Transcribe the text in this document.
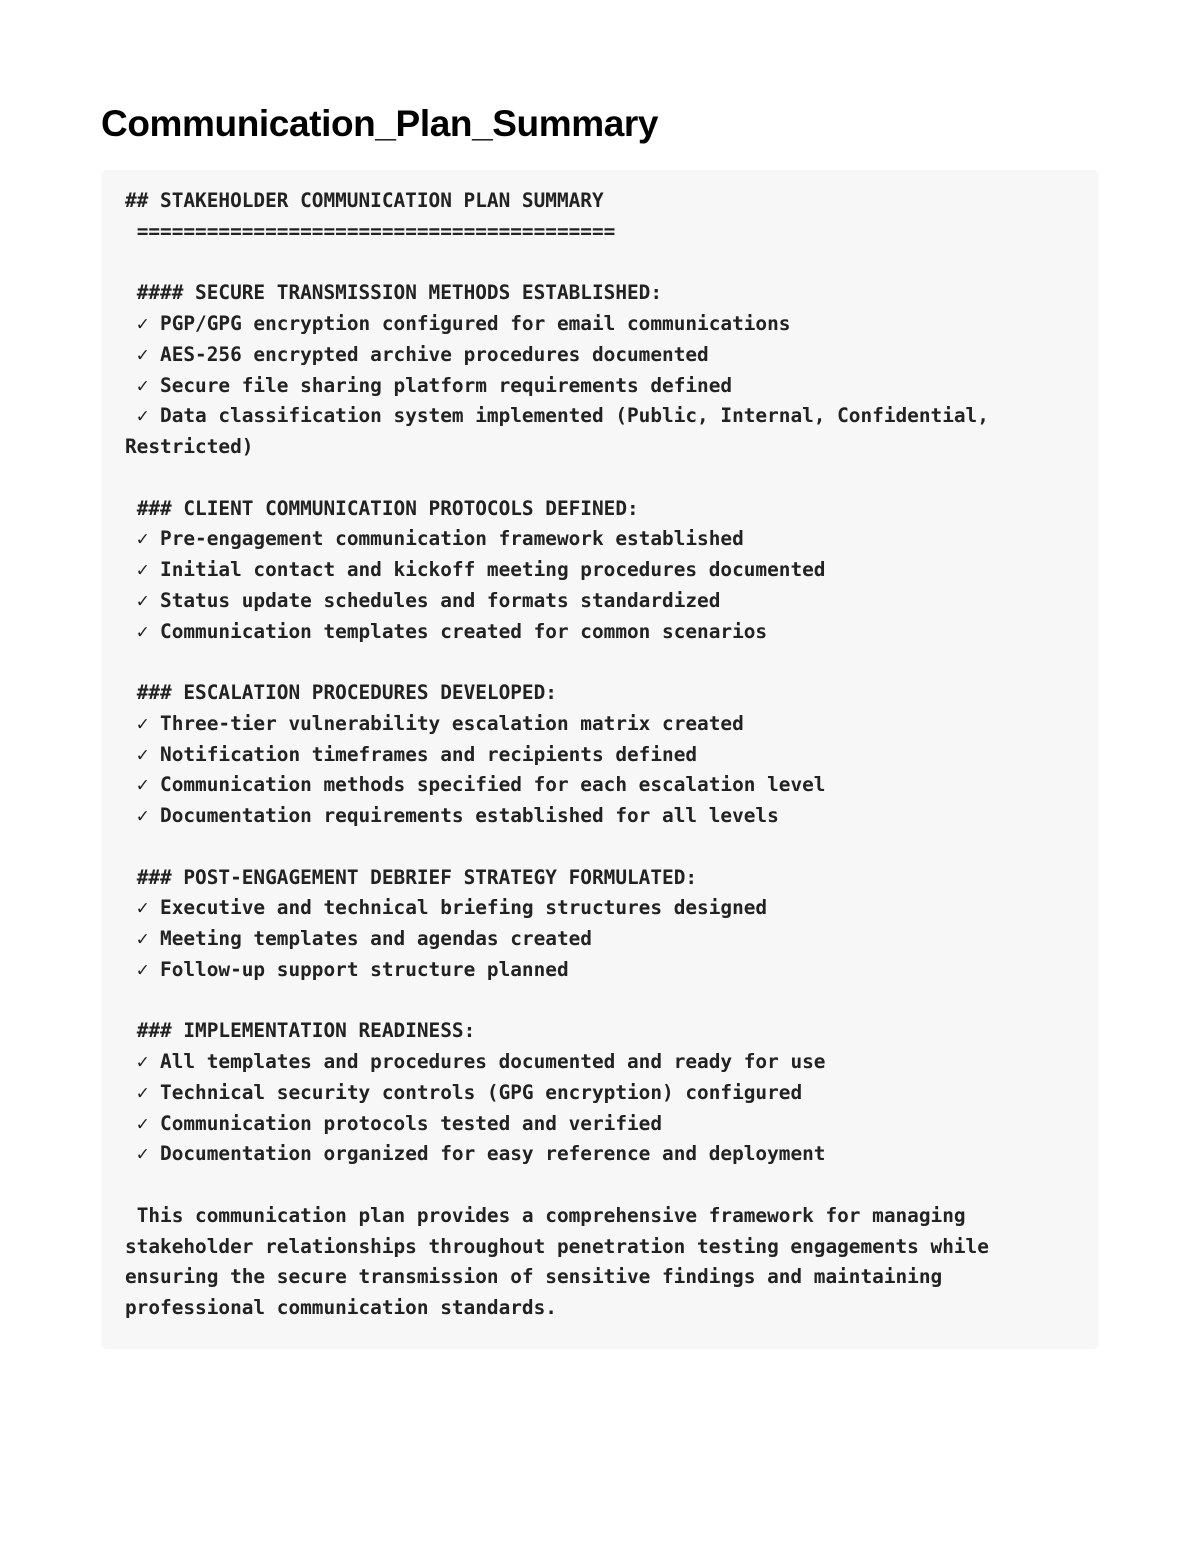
Communication_Plan_Summary
## STAKEHOLDER COMMUNICATION PLAN SUMMARY
=========================================

#### SECURE TRANSMISSION METHODS ESTABLISHED:
✓ PGP/GPG encryption configured for email communications
✓ AES-256 encrypted archive procedures documented
✓ Secure file sharing platform requirements defined
✓ Data classification system implemented (Public, Internal, Confidential,
Restricted)

### CLIENT COMMUNICATION PROTOCOLS DEFINED:
✓ Pre-engagement communication framework established
✓ Initial contact and kickoff meeting procedures documented
✓ Status update schedules and formats standardized
✓ Communication templates created for common scenarios

### ESCALATION PROCEDURES DEVELOPED:
✓ Three-tier vulnerability escalation matrix created
✓ Notification timeframes and recipients defined
✓ Communication methods specified for each escalation level
✓ Documentation requirements established for all levels

### POST-ENGAGEMENT DEBRIEF STRATEGY FORMULATED:
✓ Executive and technical briefing structures designed
✓ Meeting templates and agendas created
✓ Follow-up support structure planned

### IMPLEMENTATION READINESS:
✓ All templates and procedures documented and ready for use
✓ Technical security controls (GPG encryption) configured
✓ Communication protocols tested and verified
✓ Documentation organized for easy reference and deployment

This communication plan provides a comprehensive framework for managing
stakeholder relationships throughout penetration testing engagements while
ensuring the secure transmission of sensitive findings and maintaining
professional communication standards.
